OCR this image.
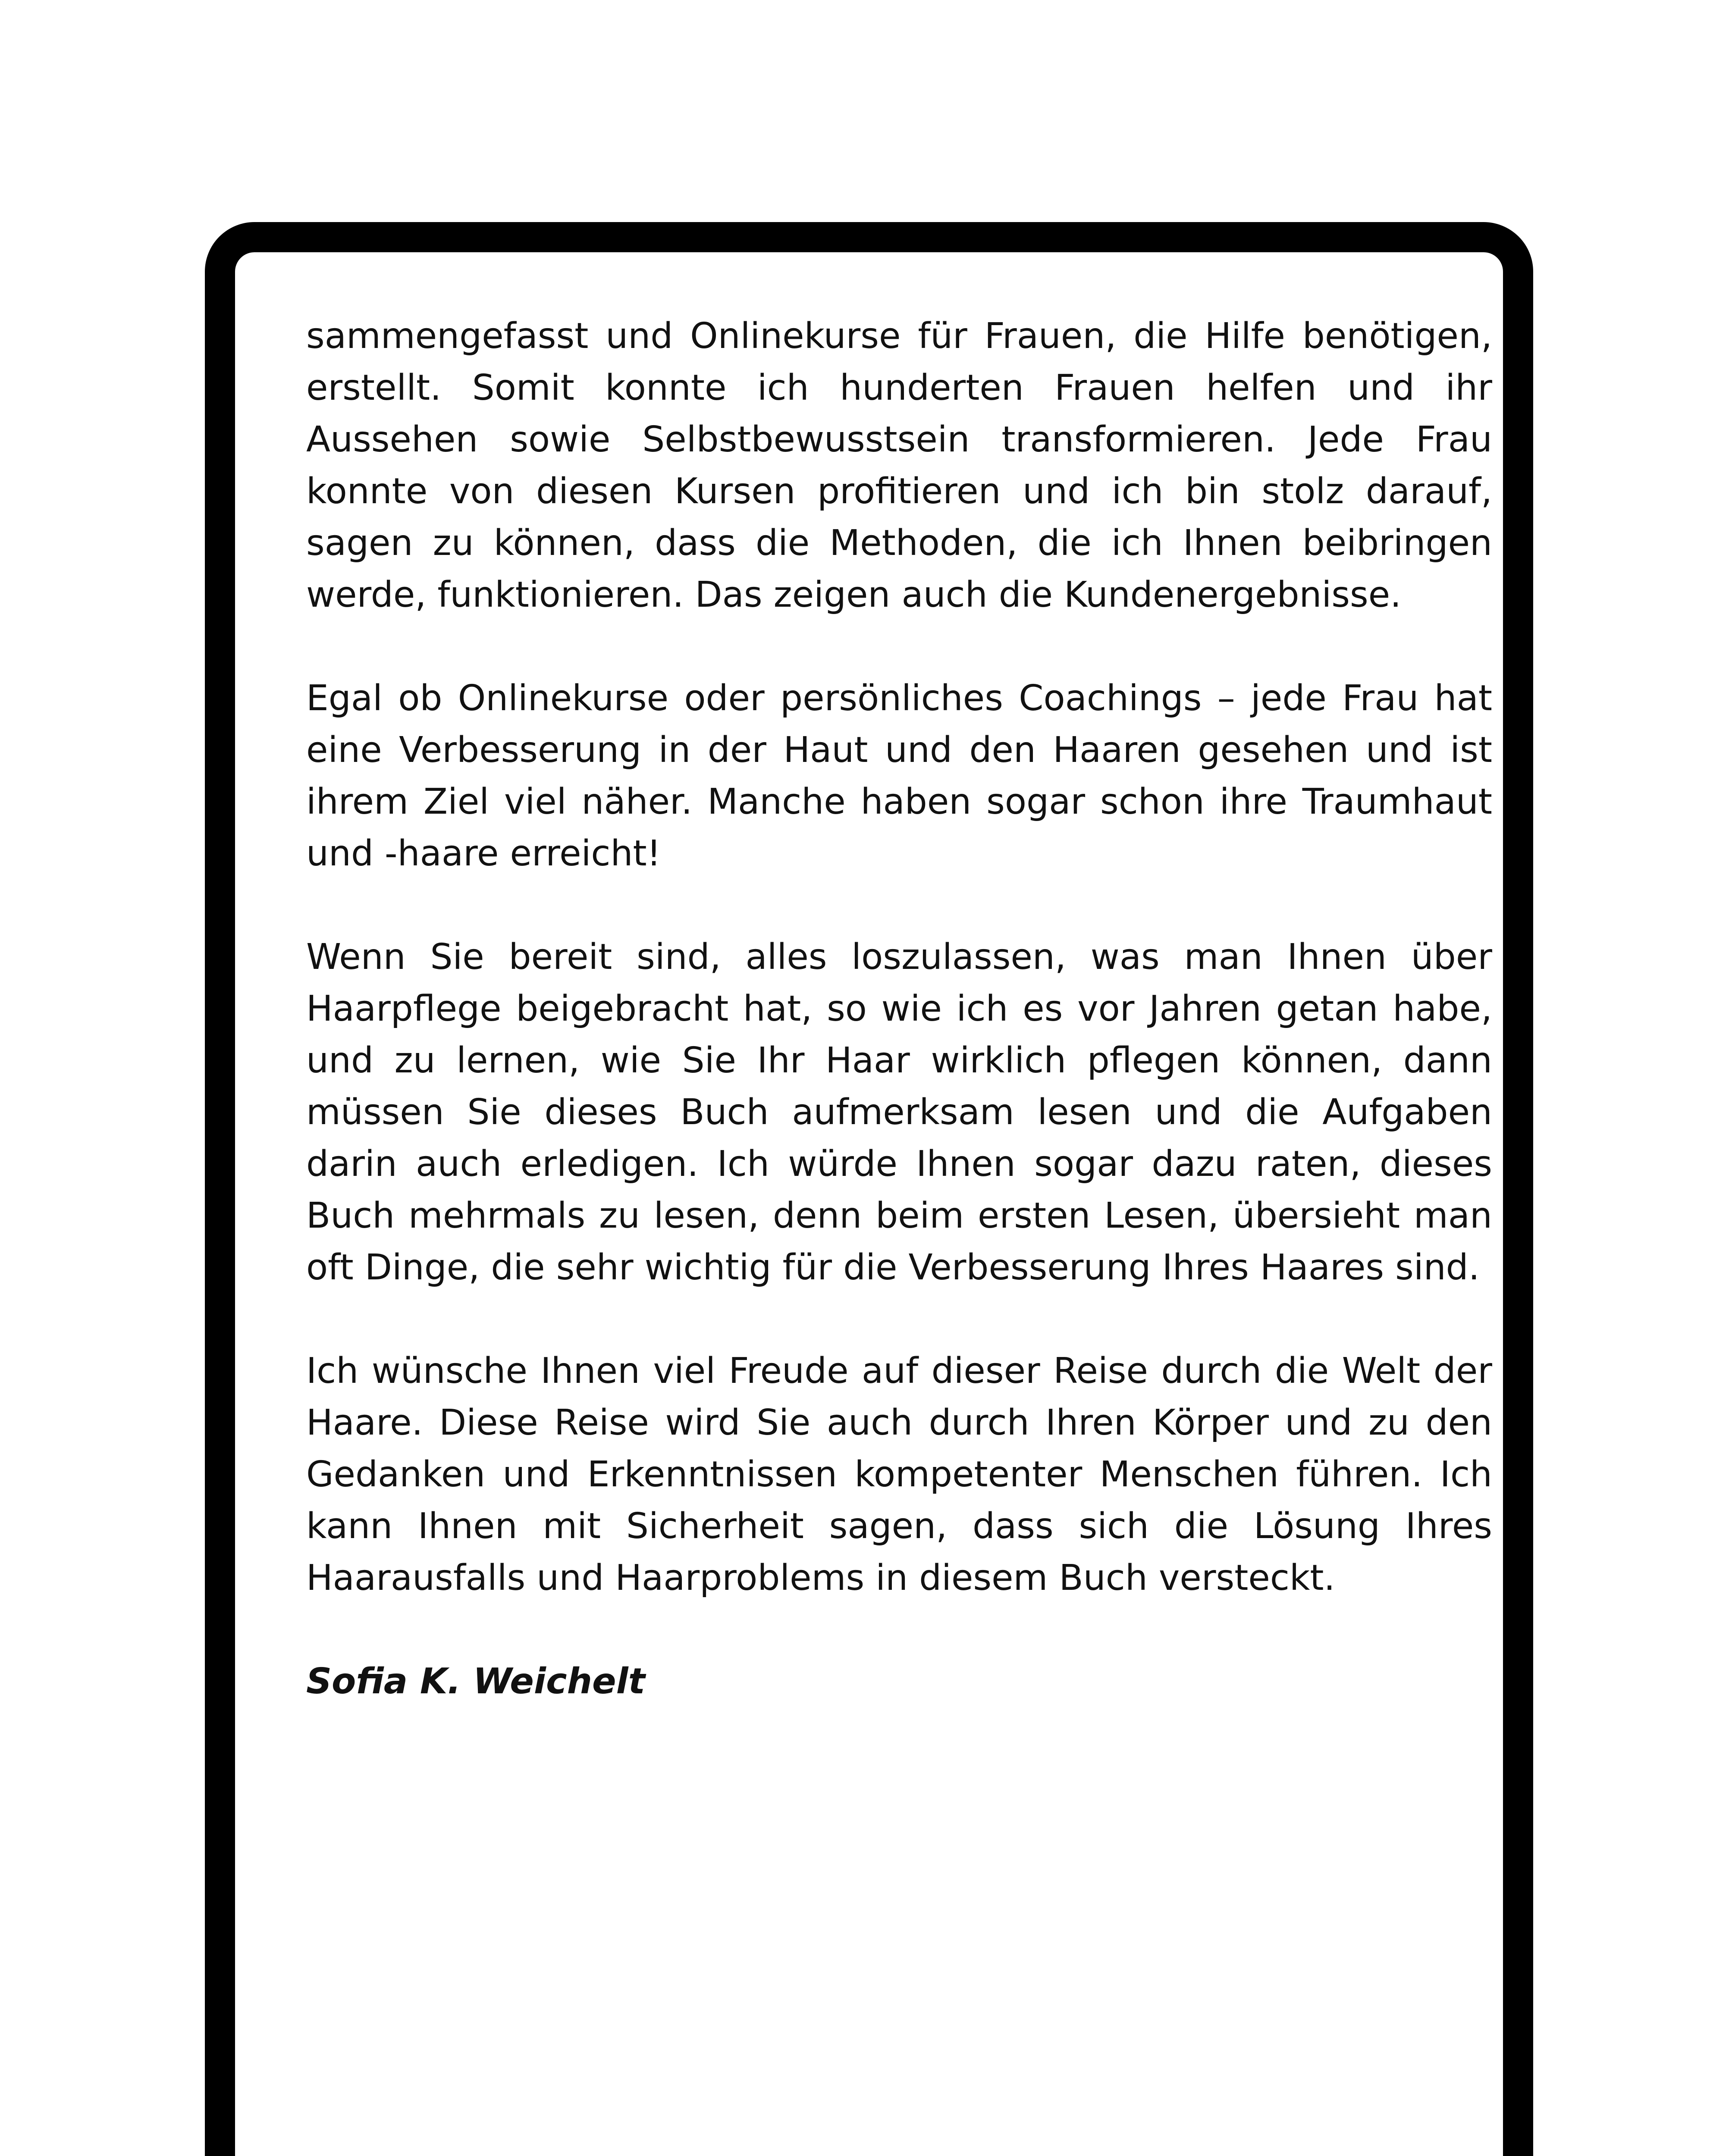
sammengefasst und Onlinekurse für Frauen, die Hilfe benötigen, erstellt. Somit konnte ich hunderten Frauen helfen und ihr Aussehen sowie Selbstbewusstsein transformieren. Jede Frau konnte von diesen Kursen profitieren und ich bin stolz darauf, sagen zu können, dass die Methoden, die ich Ihnen beibringen werde, funktionieren. Das zeigen auch die Kundenergebnisse.

Egal ob Onlinekurse oder persönliches Coachings – jede Frau hat eine Verbesserung in der Haut und den Haaren gesehen und ist ihrem Ziel viel näher. Manche haben sogar schon ihre Traumhaut und -haare erreicht!

Wenn Sie bereit sind, alles loszulassen, was man Ihnen über Haarpflege beigebracht hat, so wie ich es vor Jahren getan habe, und zu lernen, wie Sie Ihr Haar wirklich pflegen können, dann müssen Sie dieses Buch aufmerksam lesen und die Aufgaben darin auch erledigen. Ich würde Ihnen sogar dazu raten, dieses Buch mehrmals zu lesen, denn beim ersten Lesen, übersieht man oft Dinge, die sehr wichtig für die Verbesserung Ihres Haares sind.

Ich wünsche Ihnen viel Freude auf dieser Reise durch die Welt der Haare. Diese Reise wird Sie auch durch Ihren Körper und zu den Gedanken und Erkenntnissen kompetenter Menschen führen. Ich kann Ihnen mit Sicherheit sagen, dass sich die Lösung Ihres Haarausfalls und Haarproblems in diesem Buch versteckt.

Sofia K. Weichelt
